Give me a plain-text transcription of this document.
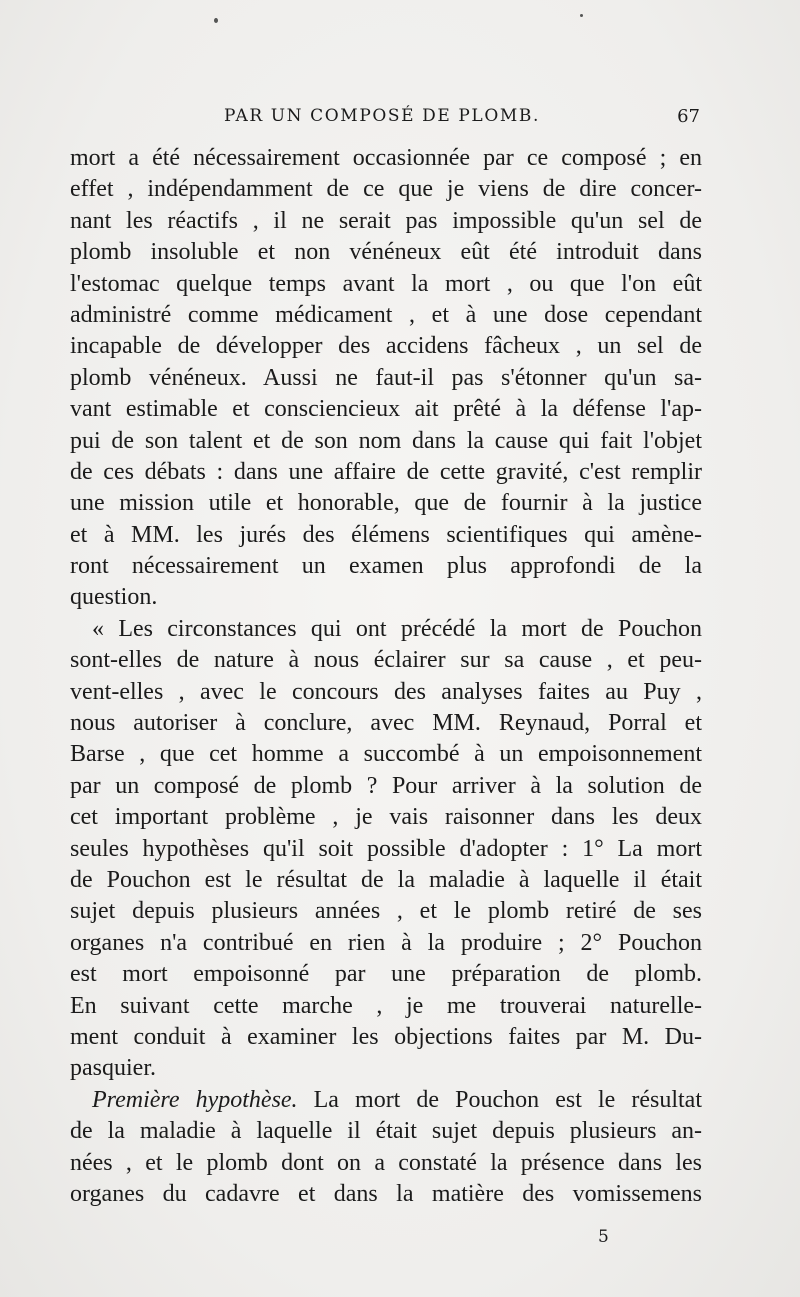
PAR UN COMPOSÉ DE PLOMB.	67
mort a été nécessairement occasionnée par ce composé ; en
effet , indépendamment de ce que je viens de dire concer-
nant les réactifs , il ne serait pas impossible qu'un sel de
plomb insoluble et non vénéneux eût été introduit dans
l'estomac quelque temps avant la mort , ou que l'on eût
administré comme médicament , et à une dose cependant
incapable de développer des accidens fâcheux , un sel de
plomb vénéneux. Aussi ne faut-il pas s'étonner qu'un sa-
vant estimable et consciencieux ait prêté à la défense l'ap-
pui de son talent et de son nom dans la cause qui fait l'objet
de ces débats : dans une affaire de cette gravité, c'est remplir
une mission utile et honorable, que de fournir à la justice
et à MM. les jurés des élémens scientifiques qui amène-
ront nécessairement un examen plus approfondi de la
question.
« Les circonstances qui ont précédé la mort de Pouchon
sont-elles de nature à nous éclairer sur sa cause , et peu-
vent-elles , avec le concours des analyses faites au Puy ,
nous autoriser à conclure, avec MM. Reynaud, Porral et
Barse , que cet homme a succombé à un empoisonnement
par un composé de plomb ? Pour arriver à la solution de
cet important problème , je vais raisonner dans les deux
seules hypothèses qu'il soit possible d'adopter : 1° La mort
de Pouchon est le résultat de la maladie à laquelle il était
sujet depuis plusieurs années , et le plomb retiré de ses
organes n'a contribué en rien à la produire ; 2° Pouchon
est mort empoisonné par une préparation de plomb.
En suivant cette marche , je me trouverai naturelle-
ment conduit à examiner les objections faites par M. Du-
pasquier.
Première hypothèse. La mort de Pouchon est le résultat
de la maladie à laquelle il était sujet depuis plusieurs an-
nées , et le plomb dont on a constaté la présence dans les
organes du cadavre et dans la matière des vomissemens
5
